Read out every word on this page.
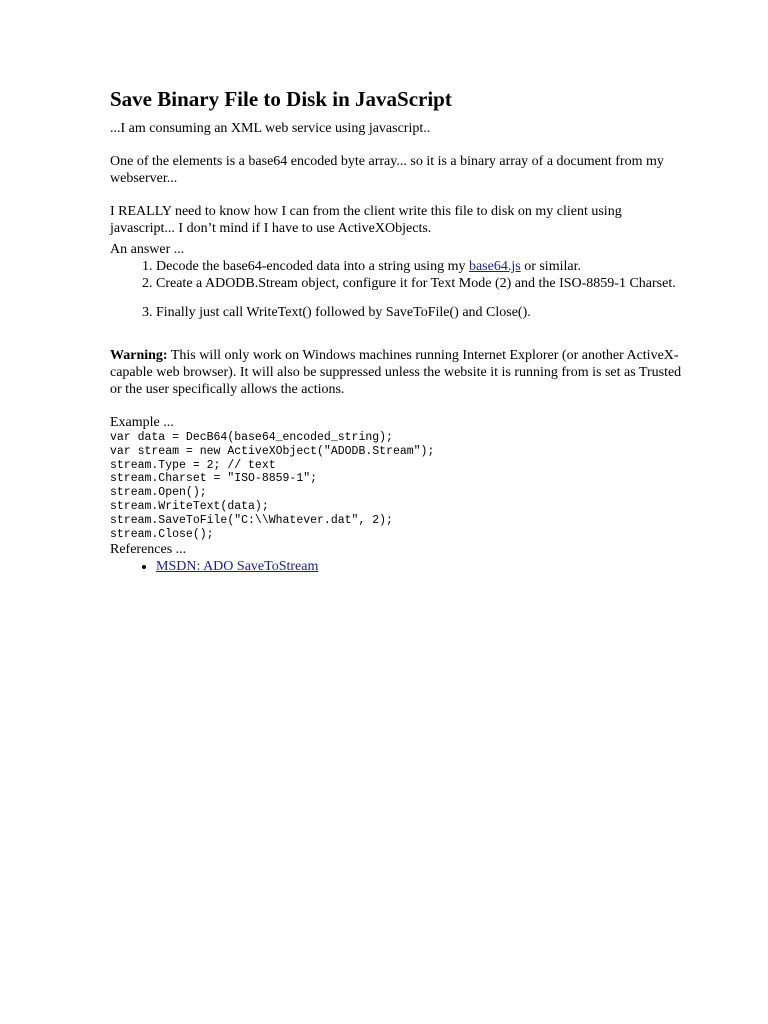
Save Binary File to Disk in JavaScript

...I am consuming an XML web service using javascript..

One of the elements is a base64 encoded byte array... so it is a binary array of a document from my webserver...

I REALLY need to know how I can from the client write this file to disk on my client using javascript... I don’t mind if I have to use ActiveXObjects.

An answer ...

1. Decode the base64-encoded data into a string using my base64.js or similar.
2. Create a ADODB.Stream object, configure it for Text Mode (2) and the ISO-8859-1 Charset.
3. Finally just call WriteText() followed by SaveToFile() and Close().

Warning: This will only work on Windows machines running Internet Explorer (or another ActiveX-capable web browser). It will also be suppressed unless the website it is running from is set as Trusted or the user specifically allows the actions.

Example ...

var data = DecB64(base64_encoded_string);
var stream = new ActiveXObject("ADODB.Stream");
stream.Type = 2; // text
stream.Charset = "ISO-8859-1";
stream.Open();
stream.WriteText(data);
stream.SaveToFile("C:\\Whatever.dat", 2);
stream.Close();

References ...

• MSDN: ADO SaveToStream
